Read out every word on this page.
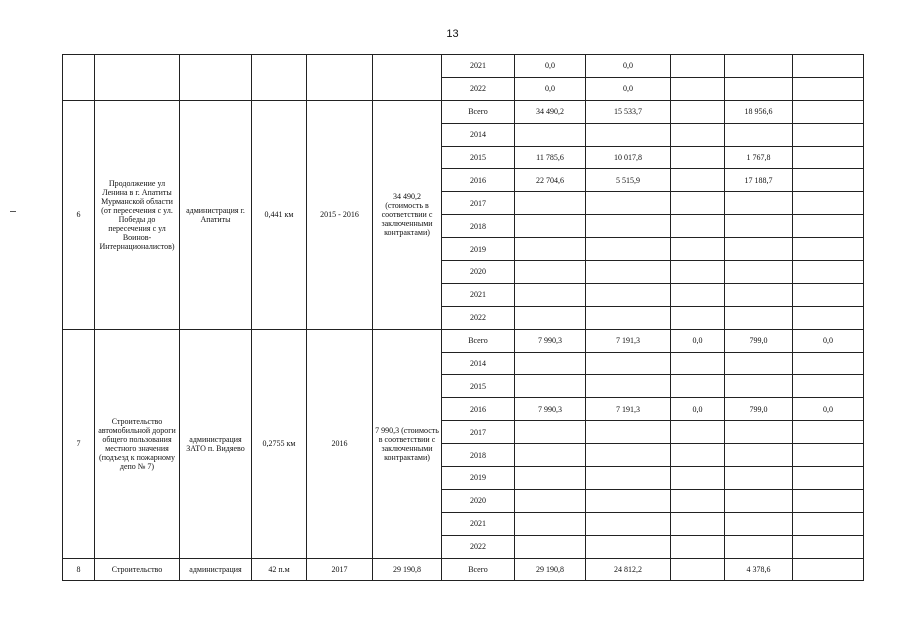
13
						2021	0,0	0,0			
						2022	0,0	0,0			
6	Продолжение ул Ленина в г. Апатиты Мурманской области (от пересечения с ул. Победы до пересечения с ул Воинов-Интернационалистов)	администрация г. Апатиты	0,441 км	2015 - 2016	34 490,2 (стоимость в соответствии с заключенными контрактами)	Всего	34 490,2	15 533,7		18 956,6	
						2014					
						2015	11 785,6	10 017,8		1 767,8	
						2016	22 704,6	5 515,9		17 188,7	
						2017					
						2018					
						2019					
						2020					
						2021					
						2022					
7	Строительство автомобильной дороги общего пользования местного значения (подъезд к пожарному депо № 7)	администрация ЗАТО п. Видяево	0,2755 км	2016	7 990,3 (стоимость в соответствии с заключенными контрактами)	Всего	7 990,3	7 191,3	0,0	799,0	0,0
						2014					
						2015					
						2016	7 990,3	7 191,3	0,0	799,0	0,0
						2017					
						2018					
						2019					
						2020					
						2021					
						2022					
8	Строительство	администрация	42 п.м	2017	29 190,8	Всего	29 190,8	24 812,2		4 378,6	
